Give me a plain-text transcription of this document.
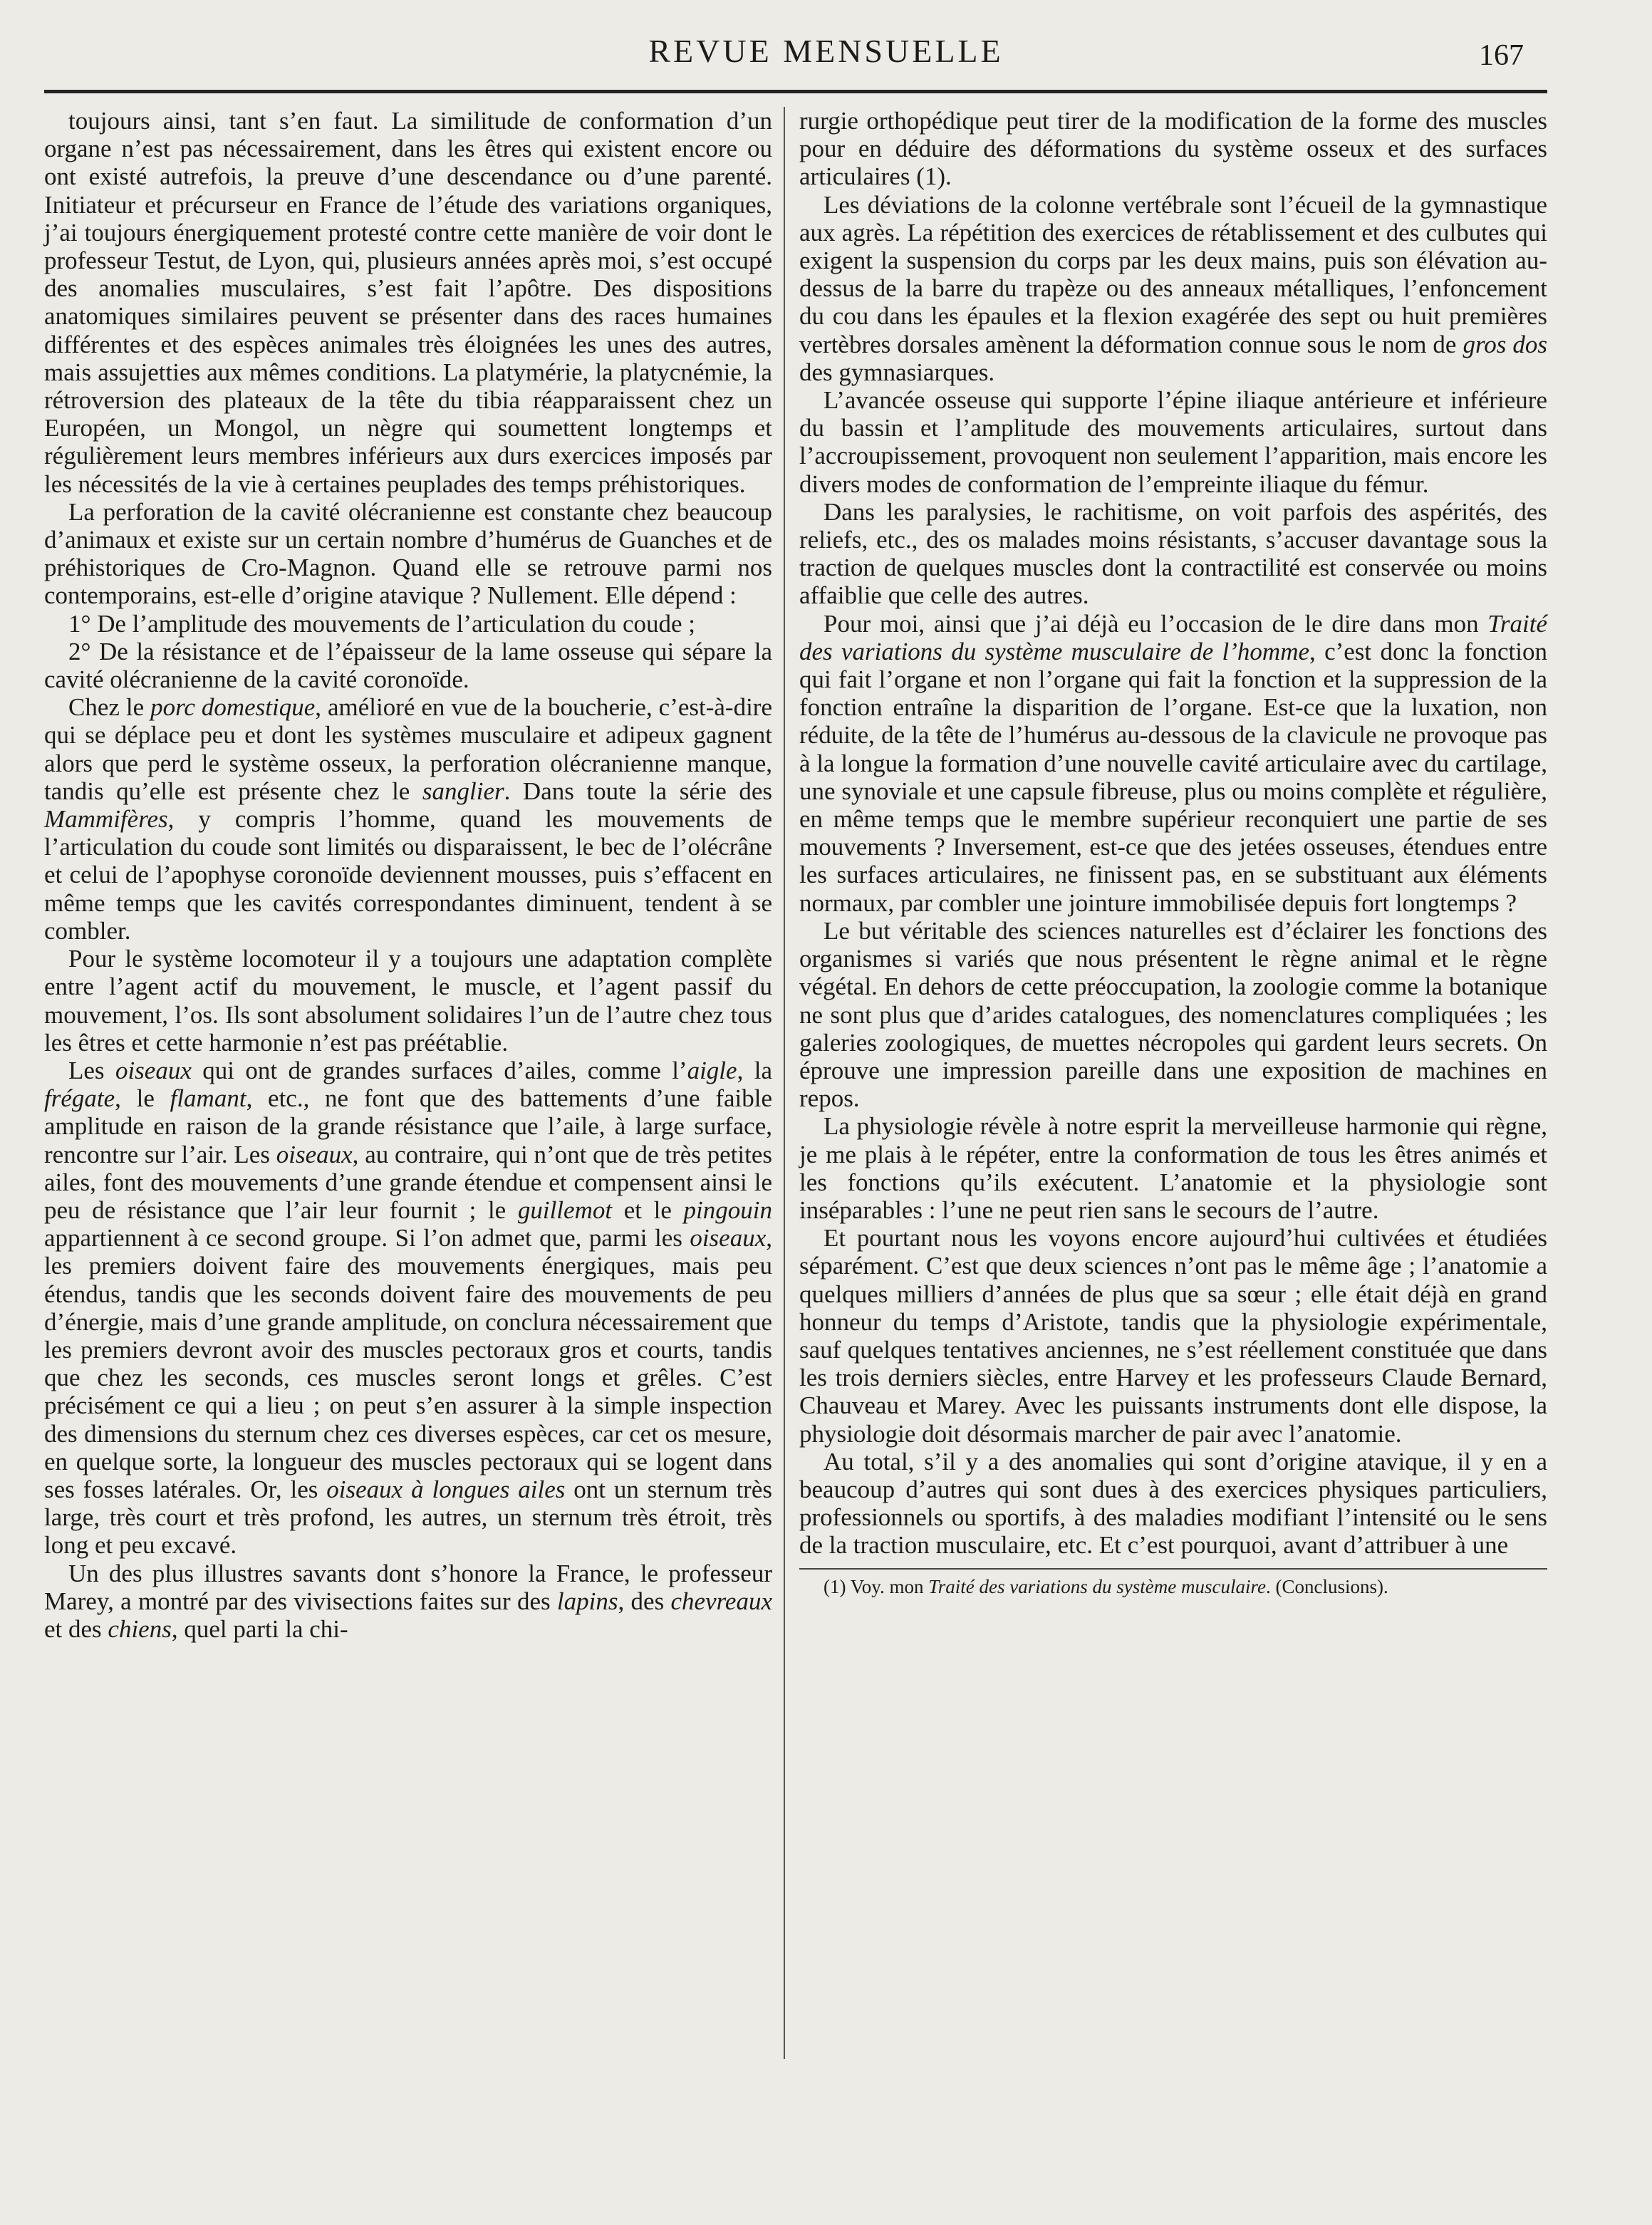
REVUE MENSUELLE	167

toujours ainsi, tant s’en faut. La similitude de conformation d’un organe n’est pas nécessairement, dans les êtres qui existent encore ou ont existé autrefois, la preuve d’une descendance ou d’une parenté. Initiateur et précurseur en France de l’étude des variations organiques, j’ai toujours énergiquement protesté contre cette manière de voir dont le professeur Testut, de Lyon, qui, plusieurs années après moi, s’est occupé des anomalies musculaires, s’est fait l’apôtre. Des dispositions anatomiques similaires peuvent se présenter dans des races humaines différentes et des espèces animales très éloignées les unes des autres, mais assujetties aux mêmes conditions. La platymérie, la platycnémie, la rétroversion des plateaux de la tête du tibia réapparaissent chez un Européen, un Mongol, un nègre qui soumettent longtemps et régulièrement leurs membres inférieurs aux durs exercices imposés par les nécessités de la vie à certaines peuplades des temps préhistoriques.

La perforation de la cavité olécranienne est constante chez beaucoup d’animaux et existe sur un certain nombre d’humérus de Guanches et de préhistoriques de Cro-Magnon. Quand elle se retrouve parmi nos contemporains, est-elle d’origine atavique ? Nullement. Elle dépend :

1° De l’amplitude des mouvements de l’articulation du coude ;

2° De la résistance et de l’épaisseur de la lame osseuse qui sépare la cavité olécranienne de la cavité coronoïde.

Chez le porc domestique, amélioré en vue de la boucherie, c’est-à-dire qui se déplace peu et dont les systèmes musculaire et adipeux gagnent alors que perd le système osseux, la perforation olécranienne manque, tandis qu’elle est présente chez le sanglier. Dans toute la série des Mammifères, y compris l’homme, quand les mouvements de l’articulation du coude sont limités ou disparaissent, le bec de l’olécrâne et celui de l’apophyse coronoïde deviennent mousses, puis s’effacent en même temps que les cavités correspondantes diminuent, tendent à se combler.

Pour le système locomoteur il y a toujours une adaptation complète entre l’agent actif du mouvement, le muscle, et l’agent passif du mouvement, l’os. Ils sont absolument solidaires l’un de l’autre chez tous les êtres et cette harmonie n’est pas préétablie.

Les oiseaux qui ont de grandes surfaces d’ailes, comme l’aigle, la frégate, le flamant, etc., ne font que des battements d’une faible amplitude en raison de la grande résistance que l’aile, à large surface, rencontre sur l’air. Les oiseaux, au contraire, qui n’ont que de très petites ailes, font des mouvements d’une grande étendue et compensent ainsi le peu de résistance que l’air leur fournit ; le guillemot et le pingouin appartiennent à ce second groupe. Si l’on admet que, parmi les oiseaux, les premiers doivent faire des mouvements énergiques, mais peu étendus, tandis que les seconds doivent faire des mouvements de peu d’énergie, mais d’une grande amplitude, on conclura nécessairement que les premiers devront avoir des muscles pectoraux gros et courts, tandis que chez les seconds, ces muscles seront longs et grêles. C’est précisément ce qui a lieu ; on peut s’en assurer à la simple inspection des dimensions du sternum chez ces diverses espèces, car cet os mesure, en quelque sorte, la longueur des muscles pectoraux qui se logent dans ses fosses latérales. Or, les oiseaux à longues ailes ont un sternum très large, très court et très profond, les autres, un sternum très étroit, très long et peu excavé.

Un des plus illustres savants dont s’honore la France, le professeur Marey, a montré par des vivisections faites sur des lapins, des chevreaux et des chiens, quel parti la chi-

rurgie orthopédique peut tirer de la modification de la forme des muscles pour en déduire des déformations du système osseux et des surfaces articulaires (1).

Les déviations de la colonne vertébrale sont l’écueil de la gymnastique aux agrès. La répétition des exercices de rétablissement et des culbutes qui exigent la suspension du corps par les deux mains, puis son élévation au-dessus de la barre du trapèze ou des anneaux métalliques, l’enfoncement du cou dans les épaules et la flexion exagérée des sept ou huit premières vertèbres dorsales amènent la déformation connue sous le nom de gros dos des gymnasiarques.

L’avancée osseuse qui supporte l’épine iliaque antérieure et inférieure du bassin et l’amplitude des mouvements articulaires, surtout dans l’accroupissement, provoquent non seulement l’apparition, mais encore les divers modes de conformation de l’empreinte iliaque du fémur.

Dans les paralysies, le rachitisme, on voit parfois des aspérités, des reliefs, etc., des os malades moins résistants, s’accuser davantage sous la traction de quelques muscles dont la contractilité est conservée ou moins affaiblie que celle des autres.

Pour moi, ainsi que j’ai déjà eu l’occasion de le dire dans mon Traité des variations du système musculaire de l’homme, c’est donc la fonction qui fait l’organe et non l’organe qui fait la fonction et la suppression de la fonction entraîne la disparition de l’organe. Est-ce que la luxation, non réduite, de la tête de l’humérus au-dessous de la clavicule ne provoque pas à la longue la formation d’une nouvelle cavité articulaire avec du cartilage, une synoviale et une capsule fibreuse, plus ou moins complète et régulière, en même temps que le membre supérieur reconquiert une partie de ses mouvements ? Inversement, est-ce que des jetées osseuses, étendues entre les surfaces articulaires, ne finissent pas, en se substituant aux éléments normaux, par combler une jointure immobilisée depuis fort longtemps ?

Le but véritable des sciences naturelles est d’éclairer les fonctions des organismes si variés que nous présentent le règne animal et le règne végétal. En dehors de cette préoccupation, la zoologie comme la botanique ne sont plus que d’arides catalogues, des nomenclatures compliquées ; les galeries zoologiques, de muettes nécropoles qui gardent leurs secrets. On éprouve une impression pareille dans une exposition de machines en repos.

La physiologie révèle à notre esprit la merveilleuse harmonie qui règne, je me plais à le répéter, entre la conformation de tous les êtres animés et les fonctions qu’ils exécutent. L’anatomie et la physiologie sont inséparables : l’une ne peut rien sans le secours de l’autre.

Et pourtant nous les voyons encore aujourd’hui cultivées et étudiées séparément. C’est que deux sciences n’ont pas le même âge ; l’anatomie a quelques milliers d’années de plus que sa sœur ; elle était déjà en grand honneur du temps d’Aristote, tandis que la physiologie expérimentale, sauf quelques tentatives anciennes, ne s’est réellement constituée que dans les trois derniers siècles, entre Harvey et les professeurs Claude Bernard, Chauveau et Marey. Avec les puissants instruments dont elle dispose, la physiologie doit désormais marcher de pair avec l’anatomie.

Au total, s’il y a des anomalies qui sont d’origine atavique, il y en a beaucoup d’autres qui sont dues à des exercices physiques particuliers, professionnels ou sportifs, à des maladies modifiant l’intensité ou le sens de la traction musculaire, etc. Et c’est pourquoi, avant d’attribuer à une

(1) Voy. mon Traité des variations du système musculaire. (Conclusions).
